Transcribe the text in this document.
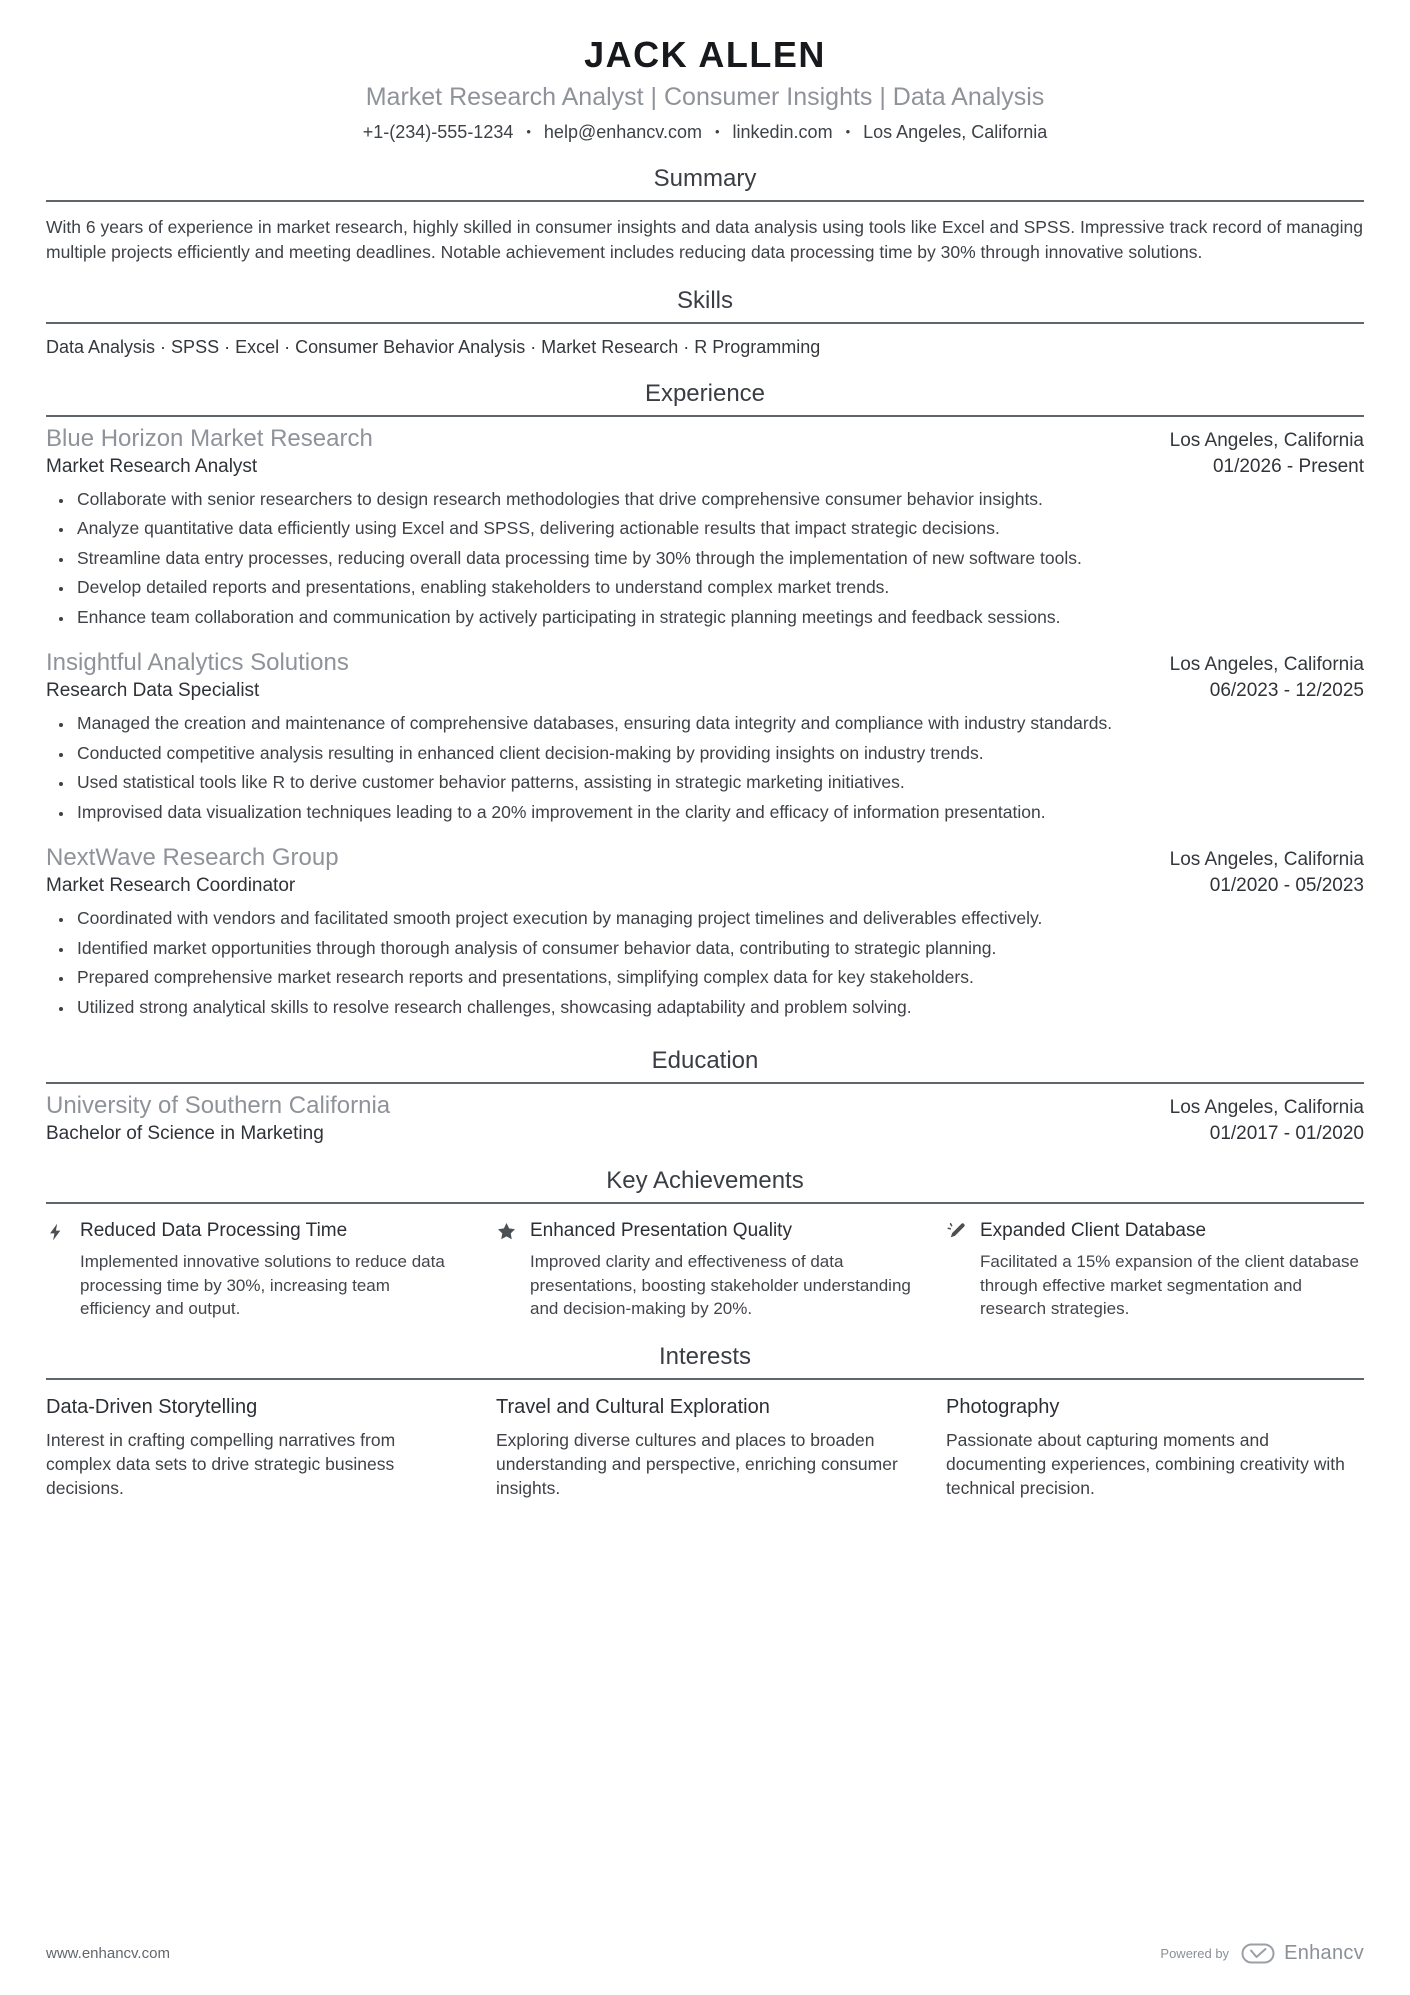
JACK ALLEN
Market Research Analyst | Consumer Insights | Data Analysis
+1-(234)-555-1234 • help@enhancv.com • linkedin.com • Los Angeles, California
Summary

With 6 years of experience in market research, highly skilled in consumer insights and data analysis using tools like Excel and SPSS. Impressive track record of managing multiple projects efficiently and meeting deadlines. Notable achievement includes reducing data processing time by 30% through innovative solutions.

Skills

Data Analysis · SPSS · Excel · Consumer Behavior Analysis · Market Research · R Programming

Experience
Blue Horizon Market Research	Los Angeles, California
Market Research Analyst	01/2026 - Present
• Collaborate with senior researchers to design research methodologies that drive comprehensive consumer behavior insights.
• Analyze quantitative data efficiently using Excel and SPSS, delivering actionable results that impact strategic decisions.
• Streamline data entry processes, reducing overall data processing time by 30% through the implementation of new software tools.
• Develop detailed reports and presentations, enabling stakeholders to understand complex market trends.
• Enhance team collaboration and communication by actively participating in strategic planning meetings and feedback sessions.
Insightful Analytics Solutions	Los Angeles, California
Research Data Specialist	06/2023 - 12/2025
• Managed the creation and maintenance of comprehensive databases, ensuring data integrity and compliance with industry standards.
• Conducted competitive analysis resulting in enhanced client decision-making by providing insights on industry trends.
• Used statistical tools like R to derive customer behavior patterns, assisting in strategic marketing initiatives.
• Improvised data visualization techniques leading to a 20% improvement in the clarity and efficacy of information presentation.
NextWave Research Group	Los Angeles, California
Market Research Coordinator	01/2020 - 05/2023
• Coordinated with vendors and facilitated smooth project execution by managing project timelines and deliverables effectively.
• Identified market opportunities through thorough analysis of consumer behavior data, contributing to strategic planning.
• Prepared comprehensive market research reports and presentations, simplifying complex data for key stakeholders.
• Utilized strong analytical skills to resolve research challenges, showcasing adaptability and problem solving.
Education
University of Southern California	Los Angeles, California
Bachelor of Science in Marketing	01/2017 - 01/2020
Key Achievements
Reduced Data Processing Time
Implemented innovative solutions to reduce data processing time by 30%, increasing team efficiency and output.
Enhanced Presentation Quality
Improved clarity and effectiveness of data presentations, boosting stakeholder understanding and decision-making by 20%.
Expanded Client Database
Facilitated a 15% expansion of the client database through effective market segmentation and research strategies.
Interests
Data-Driven Storytelling
Interest in crafting compelling narratives from complex data sets to drive strategic business decisions.
Travel and Cultural Exploration
Exploring diverse cultures and places to broaden understanding and perspective, enriching consumer insights.
Photography
Passionate about capturing moments and documenting experiences, combining creativity with technical precision.
www.enhancv.com	Powered by	Enhancv
